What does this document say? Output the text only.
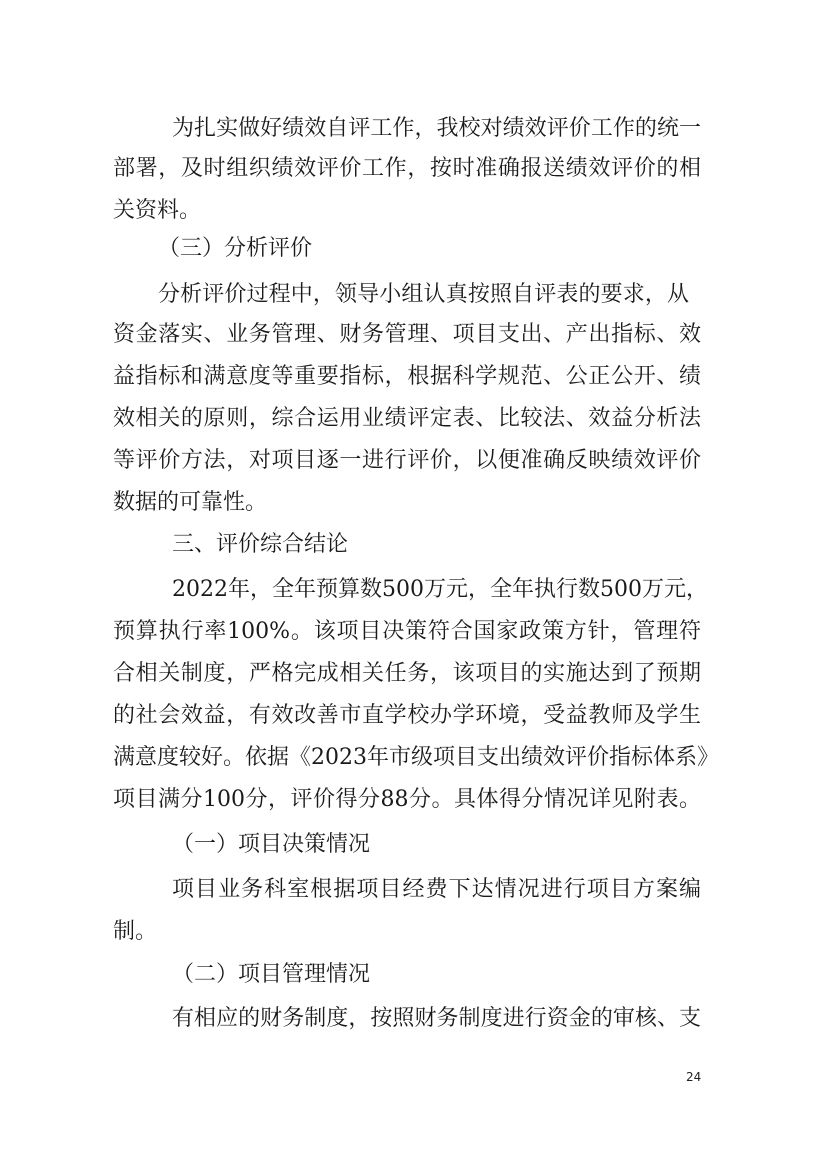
为扎实做好绩效自评工作，我校对绩效评价工作的统一
部署，及时组织绩效评价工作，按时准确报送绩效评价的相
关资料。
（三）分析评价
分析评价过程中，领导小组认真按照自评表的要求，从
资金落实、业务管理、财务管理、项目支出、产出指标、效
益指标和满意度等重要指标，根据科学规范、公正公开、绩
效相关的原则，综合运用业绩评定表、比较法、效益分析法
等评价方法，对项目逐一进行评价，以便准确反映绩效评价
数据的可靠性。
三、评价综合结论
2022年，全年预算数500万元，全年执行数500万元，
预算执行率100%。该项目决策符合国家政策方针，管理符
合相关制度，严格完成相关任务，该项目的实施达到了预期
的社会效益，有效改善市直学校办学环境，受益教师及学生
满意度较好。依据《2023年市级项目支出绩效评价指标体系》
项目满分100分，评价得分88分。具体得分情况详见附表。
（一）项目决策情况
项目业务科室根据项目经费下达情况进行项目方案编
制。
（二）项目管理情况
有相应的财务制度，按照财务制度进行资金的审核、支
24
